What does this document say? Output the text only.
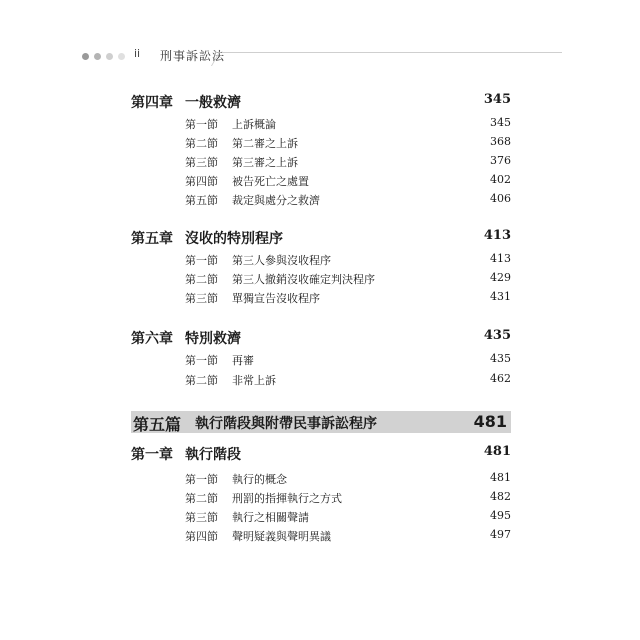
ii 刑事訴訟法
第四章 一般救濟	345
第一節 上訴概論	345
第二節 第二審之上訴	368
第三節 第三審之上訴	376
第四節 被告死亡之處置	402
第五節 裁定與處分之救濟	406
第五章 沒收的特別程序	413
第一節 第三人參與沒收程序	413
第二節 第三人撤銷沒收確定判決程序	429
第三節 單獨宣告沒收程序	431
第六章 特別救濟	435
第一節 再審	435
第二節 非常上訴	462
第五篇 執行階段與附帶民事訴訟程序	481
第一章 執行階段	481
第一節 執行的概念	481
第二節 刑罰的指揮執行之方式	482
第三節 執行之相關聲請	495
第四節 聲明疑義與聲明異議	497
